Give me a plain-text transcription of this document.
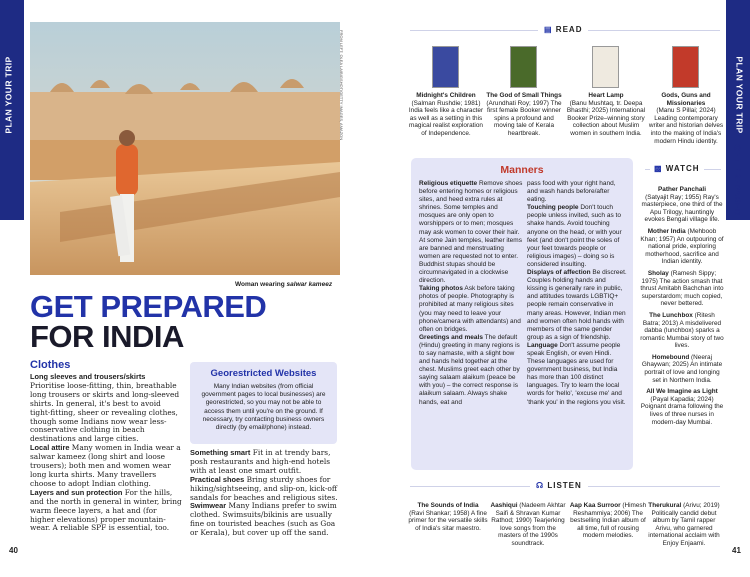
PLAN YOUR TRIP	PLAN YOUR TRIP
GET PREPARED
40	41
FROM LEFT: OLEA LA/BIGSHOT/GETTY IMAGES, AMAZON
Woman wearing salwar kameez
GET PREPARED
FOR INDIA
Clothes

Long sleeves and trousers/skirts Prioritise loose-fitting, thin, breathable long trousers or skirts and long-sleeved shirts. In general, it's best to avoid tight-fitting, sheer or revealing clothes, though some Indians now wear less-conservative clothing in beach destinations and large cities.

Local attire Many women in India wear a salwar kameez (long shirt and loose trousers); both men and women wear long kurta shirts. Many travellers choose to adopt Indian clothing.

Layers and sun protection For the hills, and the north in general in winter, bring warm fleece layers, a hat and (for higher elevations) proper mountain-wear. A reliable SPF is essential, too.

Georestricted Websites
Many Indian websites (from official government pages to local businesses) are georestricted, so you may not be able to access them until you're on the ground. If necessary, try contacting business owners directly (by email/phone) instead.

Something smart Fit in at trendy bars, posh restaurants and high-end hotels with at least one smart outfit.

Practical shoes Bring sturdy shoes for hiking/sightseeing, and slip-on, kick-off sandals for beaches and religious sites.

Swimwear Many Indians prefer to swim clothed. Swimsuits/bikinis are usually fine on touristed beaches (such as Goa or Kerala), but cover up off the sand.

▤ READ
Midnight's Children
(Salman Rushdie; 1981) India feels like a character as well as a setting in this magical realist exploration of Independence.
The God of Small Things
(Arundhati Roy; 1997) The first female Booker winner spins a profound and moving tale of Kerala heartbreak.
Heart Lamp
(Banu Mushtaq, tr. Deepa Bhasthi; 2025) International Booker Prize–winning story collection about Muslim women in southern India.
Gods, Guns and Missionaries
(Manu S Pillai; 2024) Leading contemporary writer and historian delves into the making of India's modern Hindu identity.
Manners

Religious etiquette Remove shoes before entering homes or religious sites, and heed extra rules at shrines. Some temples and mosques are only open to worshippers or to men; mosques may ask women to cover their hair. At some Jain temples, leather items are banned and menstruating women are requested not to enter. Buddhist stupas should be circumnavigated in a clockwise direction.

Taking photos Ask before taking photos of people. Photography is prohibited at many religious sites (you may need to leave your phone/camera with attendants) and often on bridges.

Greetings and meals The default (Hindu) greeting in many regions is to say namaste, with a slight bow and hands held together at the chest. Muslims greet each other by saying salaam alaikum (peace be with you) – the correct response is alaikum salaam. Always shake hands, eat and

pass food with your right hand, and wash hands before/after eating.

Touching people Don't touch people unless invited, such as to shake hands. Avoid touching anyone on the head, or with your feet (and don't point the soles of your feet towards people or religious images) – doing so is considered insulting.

Displays of affection Be discreet. Couples holding hands and kissing is generally rare in public, and attitudes towards LGBTIQ+ people remain conservative in many areas. However, Indian men and women often hold hands with members of the same gender group as a sign of friendship.

Language Don't assume people speak English, or even Hindi. These languages are used for government business, but India has more than 100 distinct languages. Try to learn the local words for 'hello', 'excuse me' and 'thank you' in the regions you visit.

▩ WATCH
Pather Panchali
(Satyajit Ray; 1955) Ray's masterpiece, one third of the Apu Trilogy, hauntingly evokes Bengali village life.
Mother India (Mehboob Khan; 1957) An outpouring of national pride, exploring motherhood, sacrifice and Indian identity.
Sholay (Ramesh Sippy; 1975) The action smash that thrust Amitabh Bachchan into superstardom; much copied, never bettered.
The Lunchbox (Ritesh Batra; 2013) A misdelivered dabba (lunchbox) sparks a romantic Mumbai story of two lives.
Homebound (Neeraj Ghaywan; 2025) An intimate portrait of love and longing set in Northern India.
All We Imagine as Light (Payal Kapadia; 2024) Poignant drama following the lives of three nurses in modern-day Mumbai.
☊ LISTEN
The Sounds of India
(Ravi Shankar; 1958) A fine primer for the versatile skills of India's sitar maestro.
Aashiqui (Nadeem Akhtar Saifi & Shravan Kumar Rathod; 1990) Tearjerking love songs from the masters of the 1990s soundtrack.
Aap Kaa Surroor (Himesh Reshammiya; 2006) The bestselling Indian album of all time, full of rousing modern melodies.
Therukural (Arivu; 2019) Politically candid debut album by Tamil rapper Arivu, who garnered international acclaim with Enjoy Enjaami.
